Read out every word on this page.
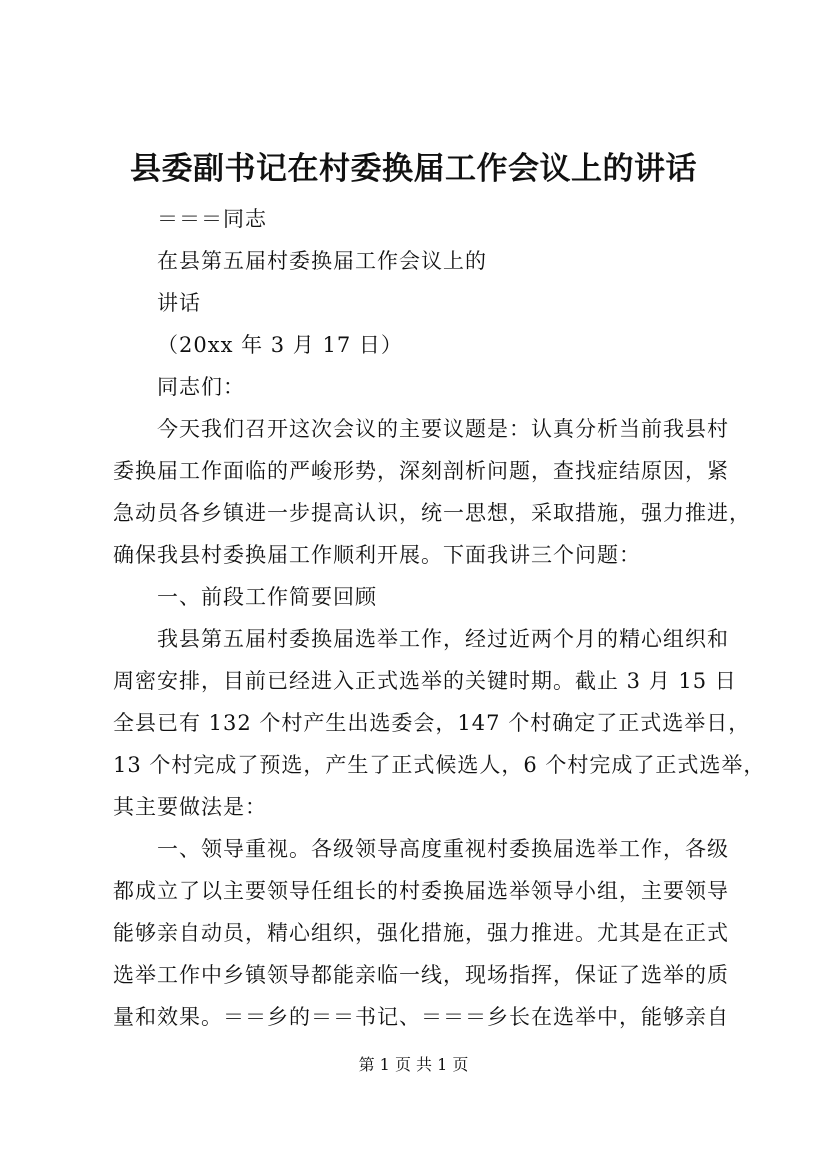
县委副书记在村委换届工作会议上的讲话
＝＝＝同志
在县第五届村委换届工作会议上的
讲话
（20xx 年 3 月 17 日）
同志们：
今天我们召开这次会议的主要议题是：认真分析当前我县村
委换届工作面临的严峻形势，深刻剖析问题，查找症结原因，紧
急动员各乡镇进一步提高认识，统一思想，采取措施，强力推进，
确保我县村委换届工作顺利开展。下面我讲三个问题：
一、前段工作简要回顾
我县第五届村委换届选举工作，经过近两个月的精心组织和
周密安排，目前已经进入正式选举的关键时期。截止 3 月 15 日
全县已有 132 个村产生出选委会，147 个村确定了正式选举日，
13 个村完成了预选，产生了正式候选人，6 个村完成了正式选举，
其主要做法是：
一、领导重视。各级领导高度重视村委换届选举工作，各级
都成立了以主要领导任组长的村委换届选举领导小组，主要领导
能够亲自动员，精心组织，强化措施，强力推进。尤其是在正式
选举工作中乡镇领导都能亲临一线，现场指挥，保证了选举的质
量和效果。＝＝乡的＝＝书记、＝＝＝乡长在选举中，能够亲自
第 1 页 共 1 页
